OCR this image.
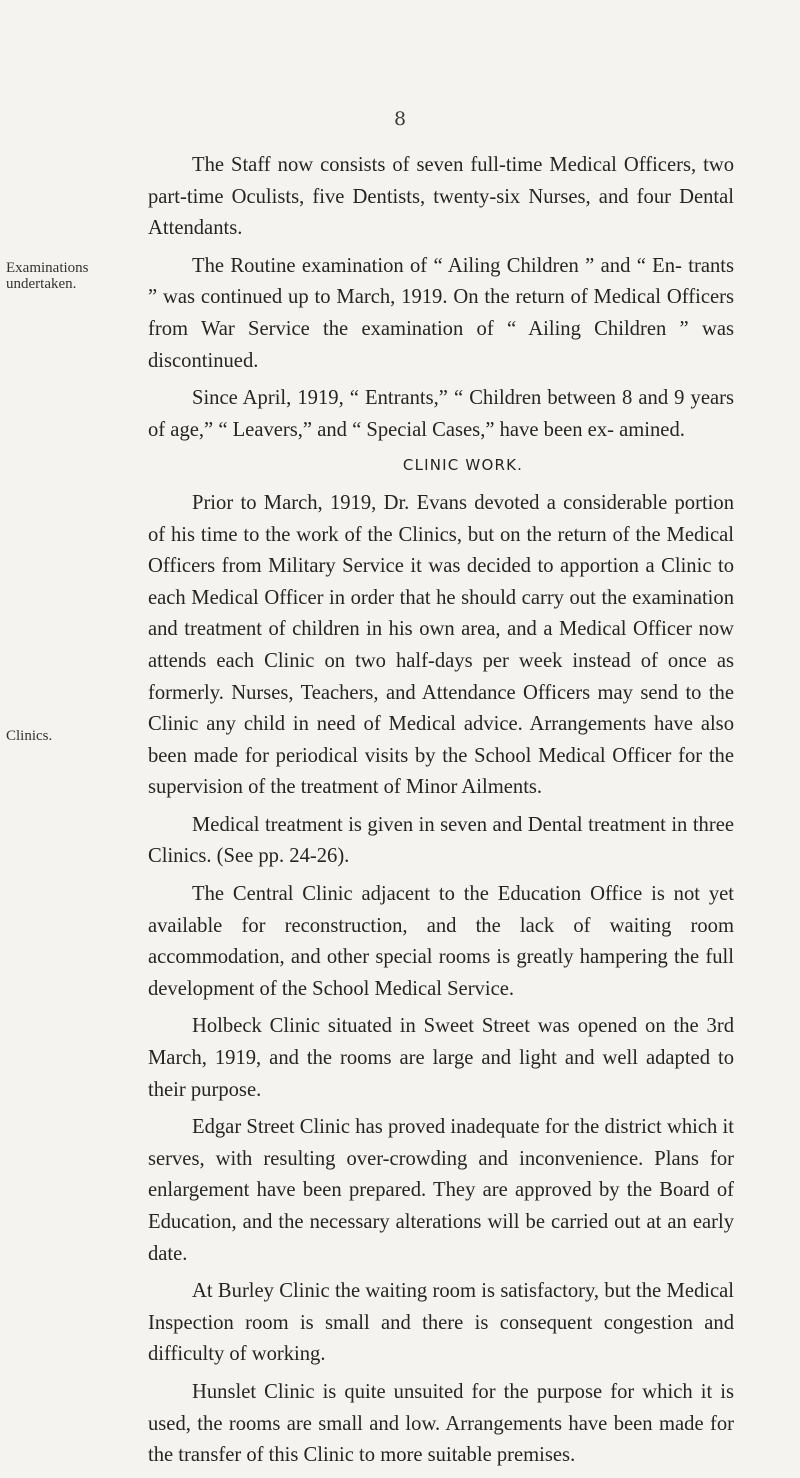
8
Examinations undertaken.
Clinics.

The Staff now consists of seven full-time Medical Officers, two part-time Oculists, five Dentists, twenty-six Nurses, and four Dental Attendants.

The Routine examination of “ Ailing Children ” and “ En- trants ” was continued up to March, 1919. On the return of Medical Officers from War Service the examination of “ Ailing Children ” was discontinued.

Since April, 1919, “ Entrants,” “ Children between 8 and 9 years of age,” “ Leavers,” and “ Special Cases,” have been ex- amined.

CLINIC WORK.

Prior to March, 1919, Dr. Evans devoted a considerable portion of his time to the work of the Clinics, but on the return of the Medical Officers from Military Service it was decided to apportion a Clinic to each Medical Officer in order that he should carry out the examination and treatment of children in his own area, and a Medical Officer now attends each Clinic on two half-days per week instead of once as formerly. Nurses, Teachers, and Attendance Officers may send to the Clinic any child in need of Medical advice. Arrangements have also been made for periodical visits by the School Medical Officer for the supervision of the treatment of Minor Ailments.

Medical treatment is given in seven and Dental treatment in three Clinics. (See pp. 24-26).

The Central Clinic adjacent to the Education Office is not yet available for reconstruction, and the lack of waiting room accommodation, and other special rooms is greatly hampering the full development of the School Medical Service.

Holbeck Clinic situated in Sweet Street was opened on the 3rd March, 1919, and the rooms are large and light and well adapted to their purpose.

Edgar Street Clinic has proved inadequate for the district which it serves, with resulting over-crowding and inconvenience. Plans for enlargement have been prepared. They are approved by the Board of Education, and the necessary alterations will be carried out at an early date.

At Burley Clinic the waiting room is satisfactory, but the Medical Inspection room is small and there is consequent congestion and difficulty of working.

Hunslet Clinic is quite unsuited for the purpose for which it is used, the rooms are small and low. Arrangements have been made for the transfer of this Clinic to more suitable premises.
